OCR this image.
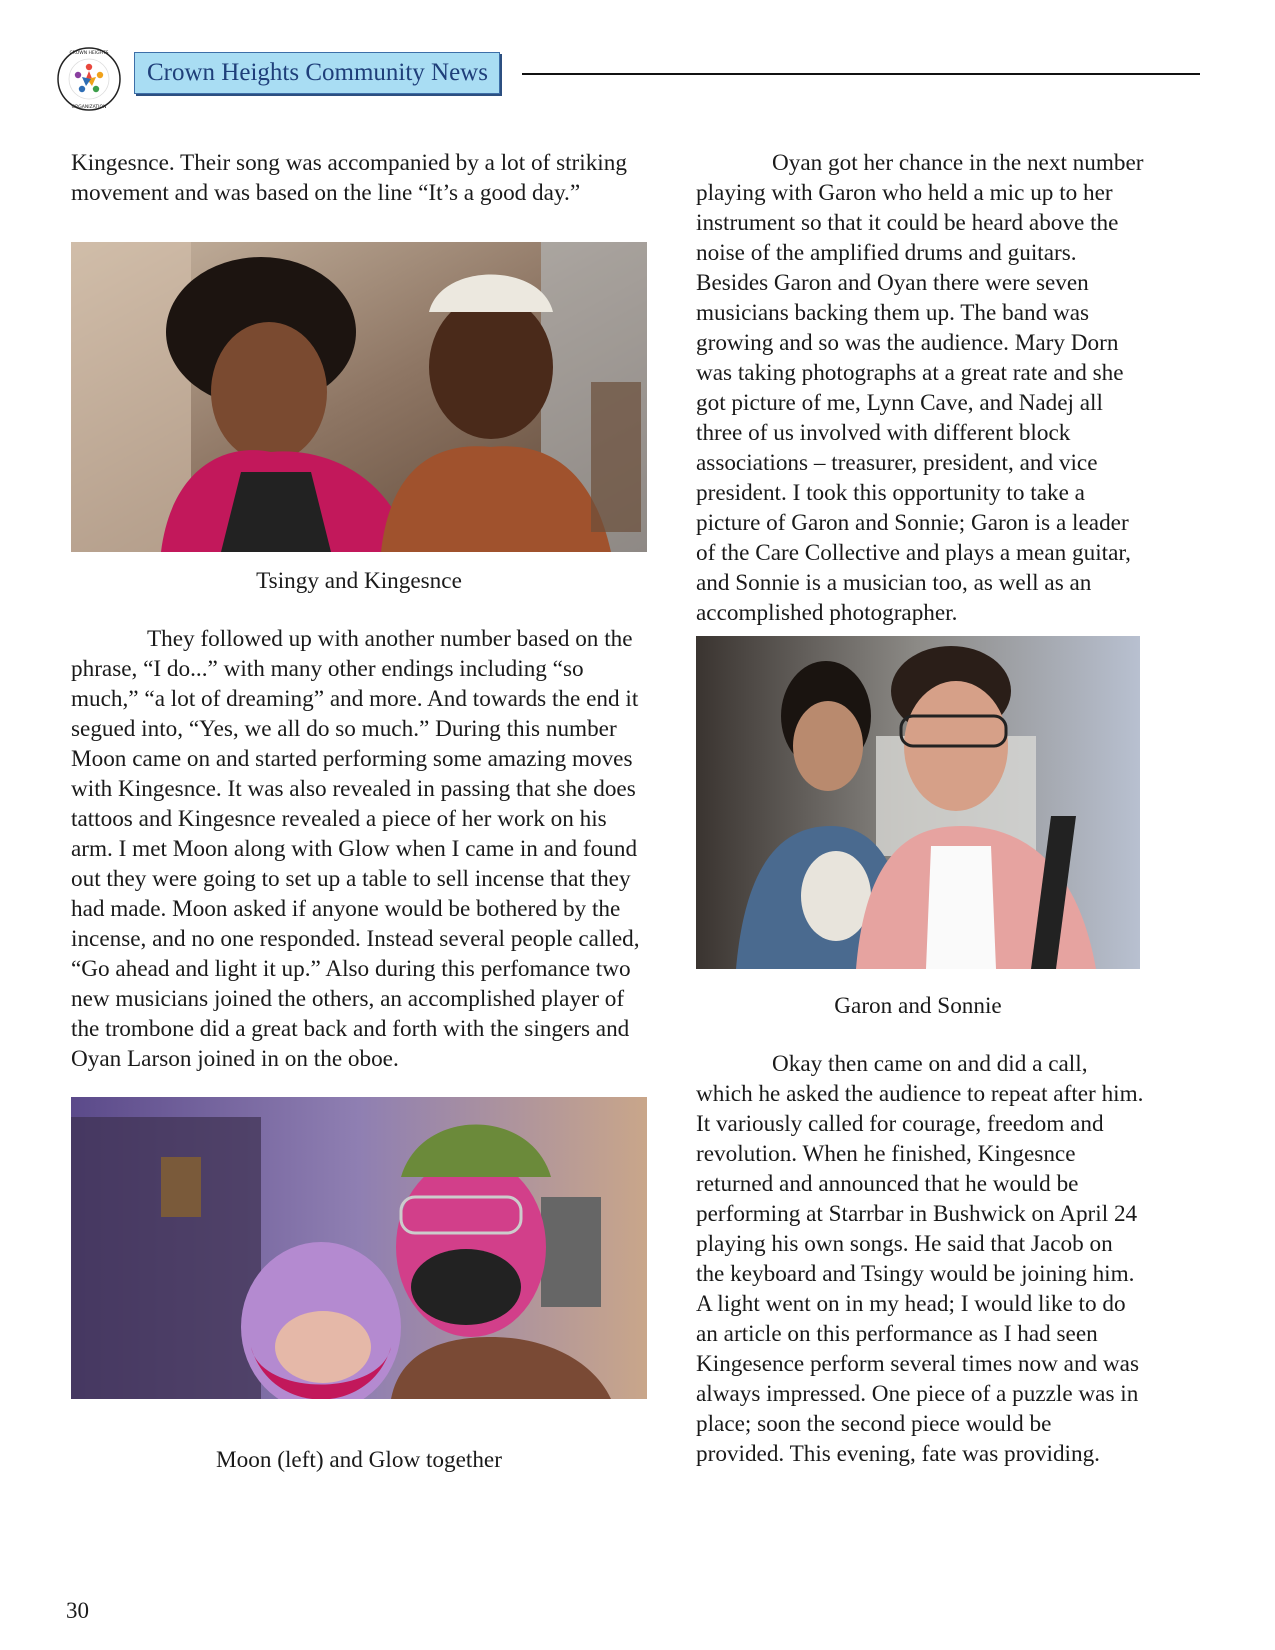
CROWN HEIGHTS
ORGANIZATION
Crown Heights Community News

Kingesnce. Their song was accompanied by a lot of striking movement and was based on the line “It’s a good day.”

Tsingy and Kingesnce

They followed up with another number based on the phrase, “I do...” with many other endings including “so much,” “a lot of dreaming” and more. And towards the end it segued into, “Yes, we all do so much.” During this number Moon came on and started performing some amazing moves with Kingesnce. It was also revealed in passing that she does tattoos and Kingesnce revealed a piece of her work on his arm. I met Moon along with Glow when I came in and found out they were going to set up a table to sell incense that they had made. Moon asked if anyone would be bothered by the incense, and no one responded. Instead several people called, “Go ahead and light it up.” Also during this perfomance two new musicians joined the others, an accomplished player of the trombone did a great back and forth with the singers and Oyan Larson joined in on the oboe.

Moon (left) and Glow together

Oyan got her chance in the next number playing with Garon who held a mic up to her instrument so that it could be heard above the noise of the amplified drums and guitars. Besides Garon and Oyan there were seven musicians backing them up. The band was growing and so was the audience. Mary Dorn was taking photographs at a great rate and she got picture of me, Lynn Cave, and Nadej all three of us involved with different block associations – treasurer, president, and vice president. I took this opportunity to take a picture of Garon and Sonnie; Garon is a leader of the Care Collective and plays a mean guitar, and Sonnie is a musician too, as well as an accomplished photographer.

Garon and Sonnie

Okay then came on and did a call, which he asked the audience to repeat after him. It variously called for courage, freedom and revolution. When he finished, Kingesnce returned and announced that he would be performing at Starrbar in Bushwick on April 24 playing his own songs. He said that Jacob on the keyboard and Tsingy would be joining him. A light went on in my head; I would like to do an article on this performance as I had seen Kingesence perform several times now and was always impressed. One piece of a puzzle was in place; soon the second piece would be provided. This evening, fate was providing.

30
